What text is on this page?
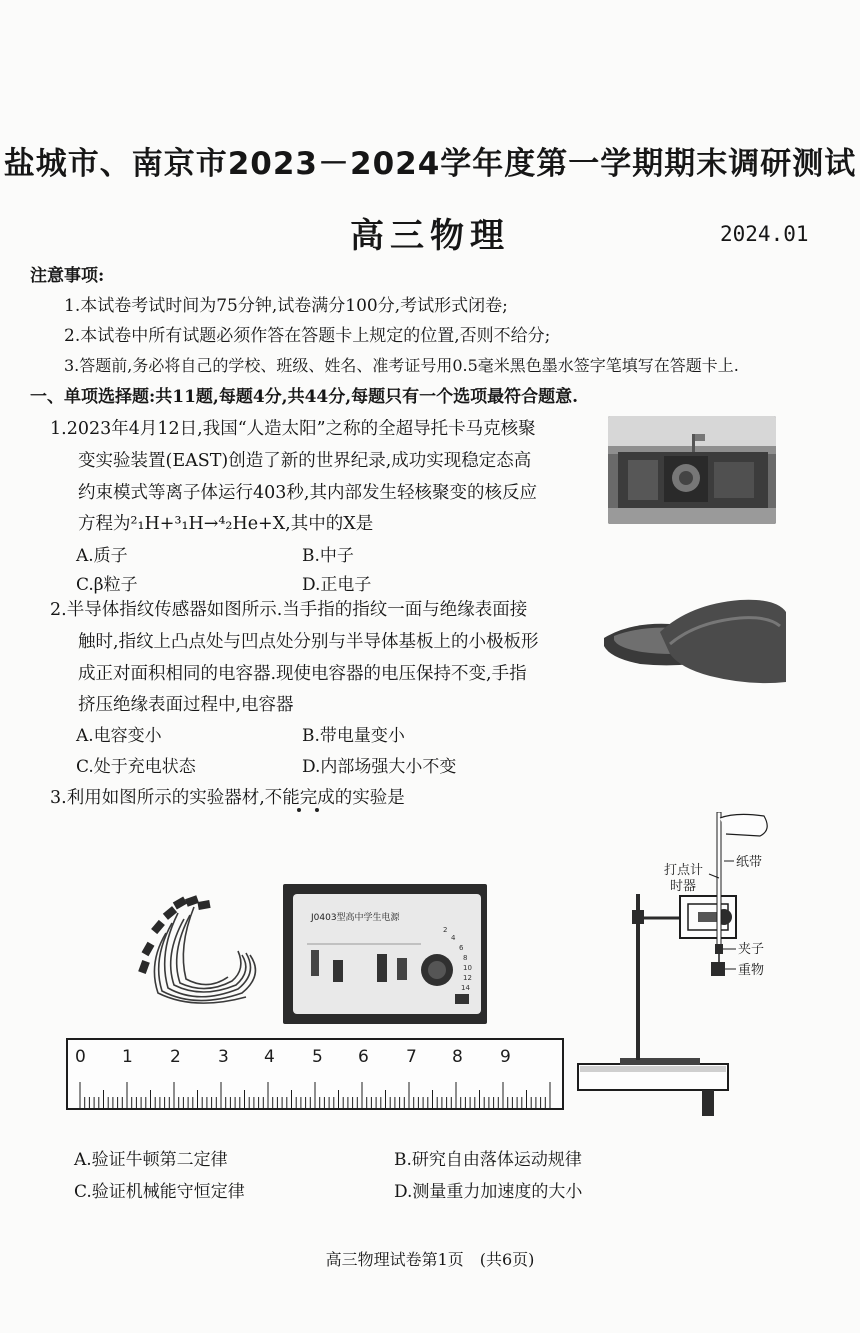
盐城市、南京市2023－2024学年度第一学期期末调研测试
高三物理	2024.01
注意事项:
1.本试卷考试时间为75分钟,试卷满分100分,考试形式闭卷;
2.本试卷中所有试题必须作答在答题卡上规定的位置,否则不给分;
3.答题前,务必将自己的学校、班级、姓名、准考证号用0.5毫米黑色墨水签字笔填写在答题卡上.
一、单项选择题:共11题,每题4分,共44分,每题只有一个选项最符合题意.
1.2023年4月12日,我国“人造太阳”之称的全超导托卡马克核聚
变实验装置(EAST)创造了新的世界纪录,成功实现稳定态高
约束模式等离子体运行403秒,其内部发生轻核聚变的核反应
方程为²₁H+³₁H→⁴₂He+X,其中的X是
A.质子	B.中子
C.β粒子	D.正电子
2.半导体指纹传感器如图所示.当手指的指纹一面与绝缘表面接
触时,指纹上凸点处与凹点处分别与半导体基板上的小极板形
成正对面积相同的电容器.现使电容器的电压保持不变,手指
挤压绝缘表面过程中,电容器
A.电容变小	B.带电量变小
C.处于充电状态	D.内部场强大小不变
3.利用如图所示的实验器材,不能完成的实验是
J0403型高中学生电源
2
4
6
8
10
12
14
0 1 2 3 4 5 6 7 8 9
打点计
时器
纸带
夹子
重物
A.验证牛顿第二定律	B.研究自由落体运动规律
C.验证机械能守恒定律	D.测量重力加速度的大小
高三物理试卷第1页　(共6页)
